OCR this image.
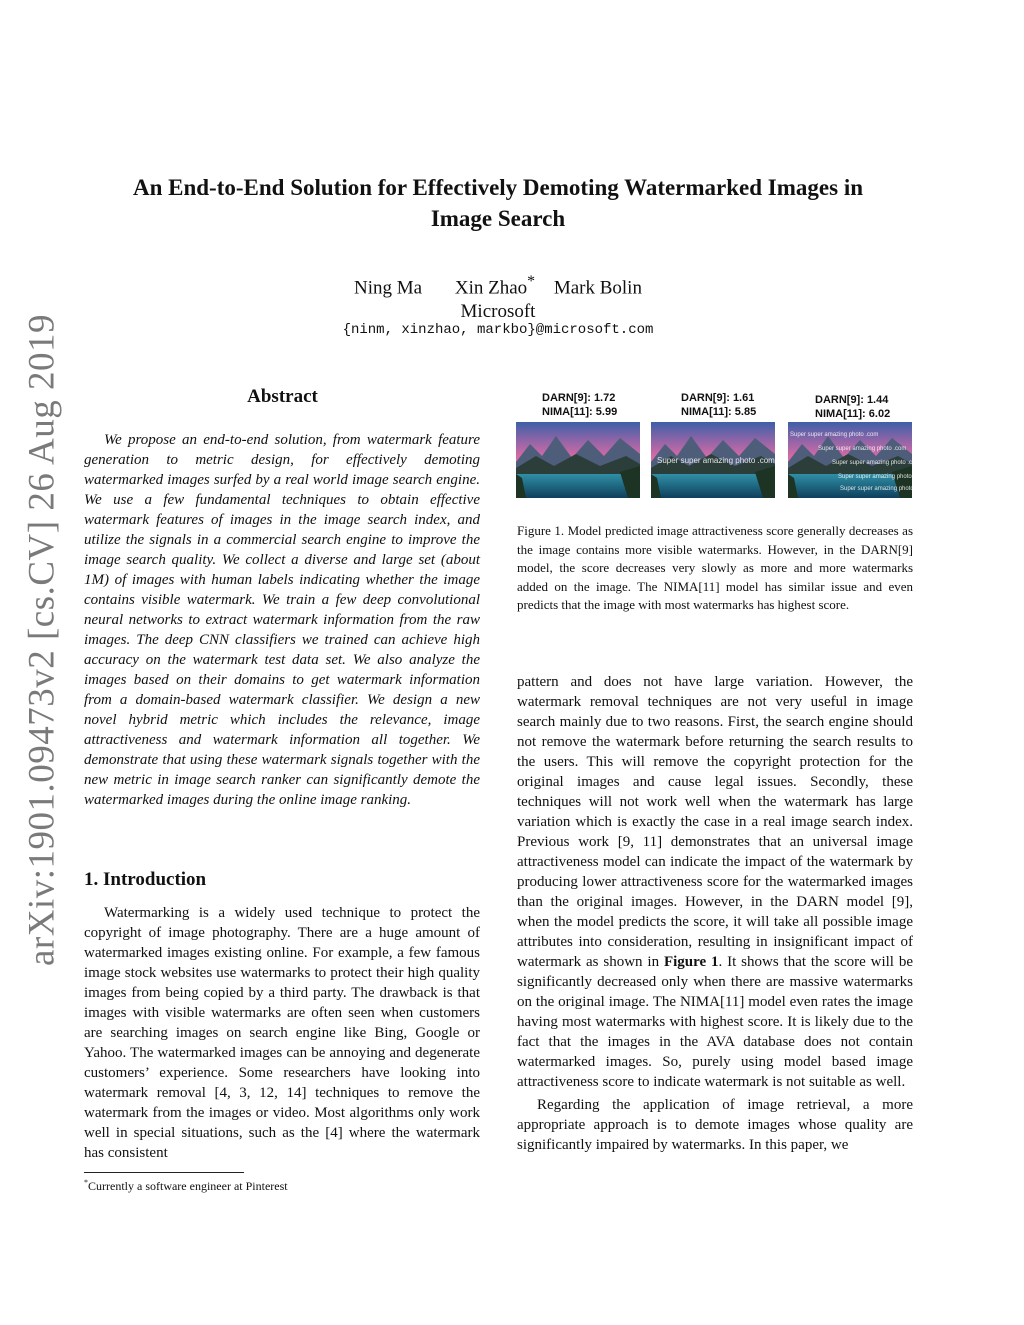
arXiv:1901.09473v2 [cs.CV] 26 Aug 2019
An End-to-End Solution for Effectively Demoting Watermarked Images in Image Search
Ning Ma Xin Zhao* Mark Bolin
Microsoft
{ninm, xinzhao, markbo}@microsoft.com
Abstract

We propose an end-to-end solution, from watermark feature generation to metric design, for effectively demoting watermarked images surfed by a real world image search engine. We use a few fundamental techniques to obtain effective watermark features of images in the image search index, and utilize the signals in a commercial search engine to improve the image search quality. We collect a diverse and large set (about 1M) of images with human labels indicating whether the image contains visible watermark. We train a few deep convolutional neural networks to extract watermark information from the raw images. The deep CNN classifiers we trained can achieve high accuracy on the watermark test data set. We also analyze the images based on their domains to get watermark information from a domain-based watermark classifier. We design a new novel hybrid metric which includes the relevance, image attractiveness and watermark information all together. We demonstrate that using these watermark signals together with the new metric in image search ranker can significantly demote the watermarked images during the online image ranking.

1. Introduction

Watermarking is a widely used technique to protect the copyright of image photography. There are a huge amount of watermarked images existing online. For example, a few famous image stock websites use watermarks to protect their high quality images from being copied by a third party. The drawback is that images with visible watermarks are often seen when customers are searching images on search engine like Bing, Google or Yahoo. The watermarked images can be annoying and degenerate customers’ experience. Some researchers have looking into watermark removal [4, 3, 12, 14] techniques to remove the watermark from the images or video. Most algorithms only work well in special situations, such as the [4] where the watermark has consistent

*Currently a software engineer at Pinterest
DARN[9]: 1.72
NIMA[11]: 5.99
DARN[9]: 1.61
NIMA[11]: 5.85
DARN[9]: 1.44
NIMA[11]: 6.02
Super super amazing photo .com
Super super amazing photo .com
Super super amazing photo .com
Super super amazing photo .com
Super super amazing photo .com
Super super amazing photo .com

Figure 1. Model predicted image attractiveness score generally decreases as the image contains more visible watermarks. However, in the DARN[9] model, the score decreases very slowly as more and more watermarks added on the image. The NIMA[11] model has similar issue and even predicts that the image with most watermarks has highest score.

pattern and does not have large variation. However, the watermark removal techniques are not very useful in image search mainly due to two reasons. First, the search engine should not remove the watermark before returning the search results to the users. This will remove the copyright protection for the original images and cause legal issues. Secondly, these techniques will not work well when the watermark has large variation which is exactly the case in a real image search index. Previous work [9, 11] demonstrates that an universal image attractiveness model can indicate the impact of the watermark by producing lower attractiveness score for the watermarked images than the original images. However, in the DARN model [9], when the model predicts the score, it will take all possible image attributes into consideration, resulting in insignificant impact of watermark as shown in Figure 1. It shows that the score will be significantly decreased only when there are massive watermarks on the original image. The NIMA[11] model even rates the image having most watermarks with highest score. It is likely due to the fact that the images in the AVA database does not contain watermarked images. So, purely using model based image attractiveness score to indicate watermark is not suitable as well.

Regarding the application of image retrieval, a more appropriate approach is to demote images whose quality are significantly impaired by watermarks. In this paper, we
